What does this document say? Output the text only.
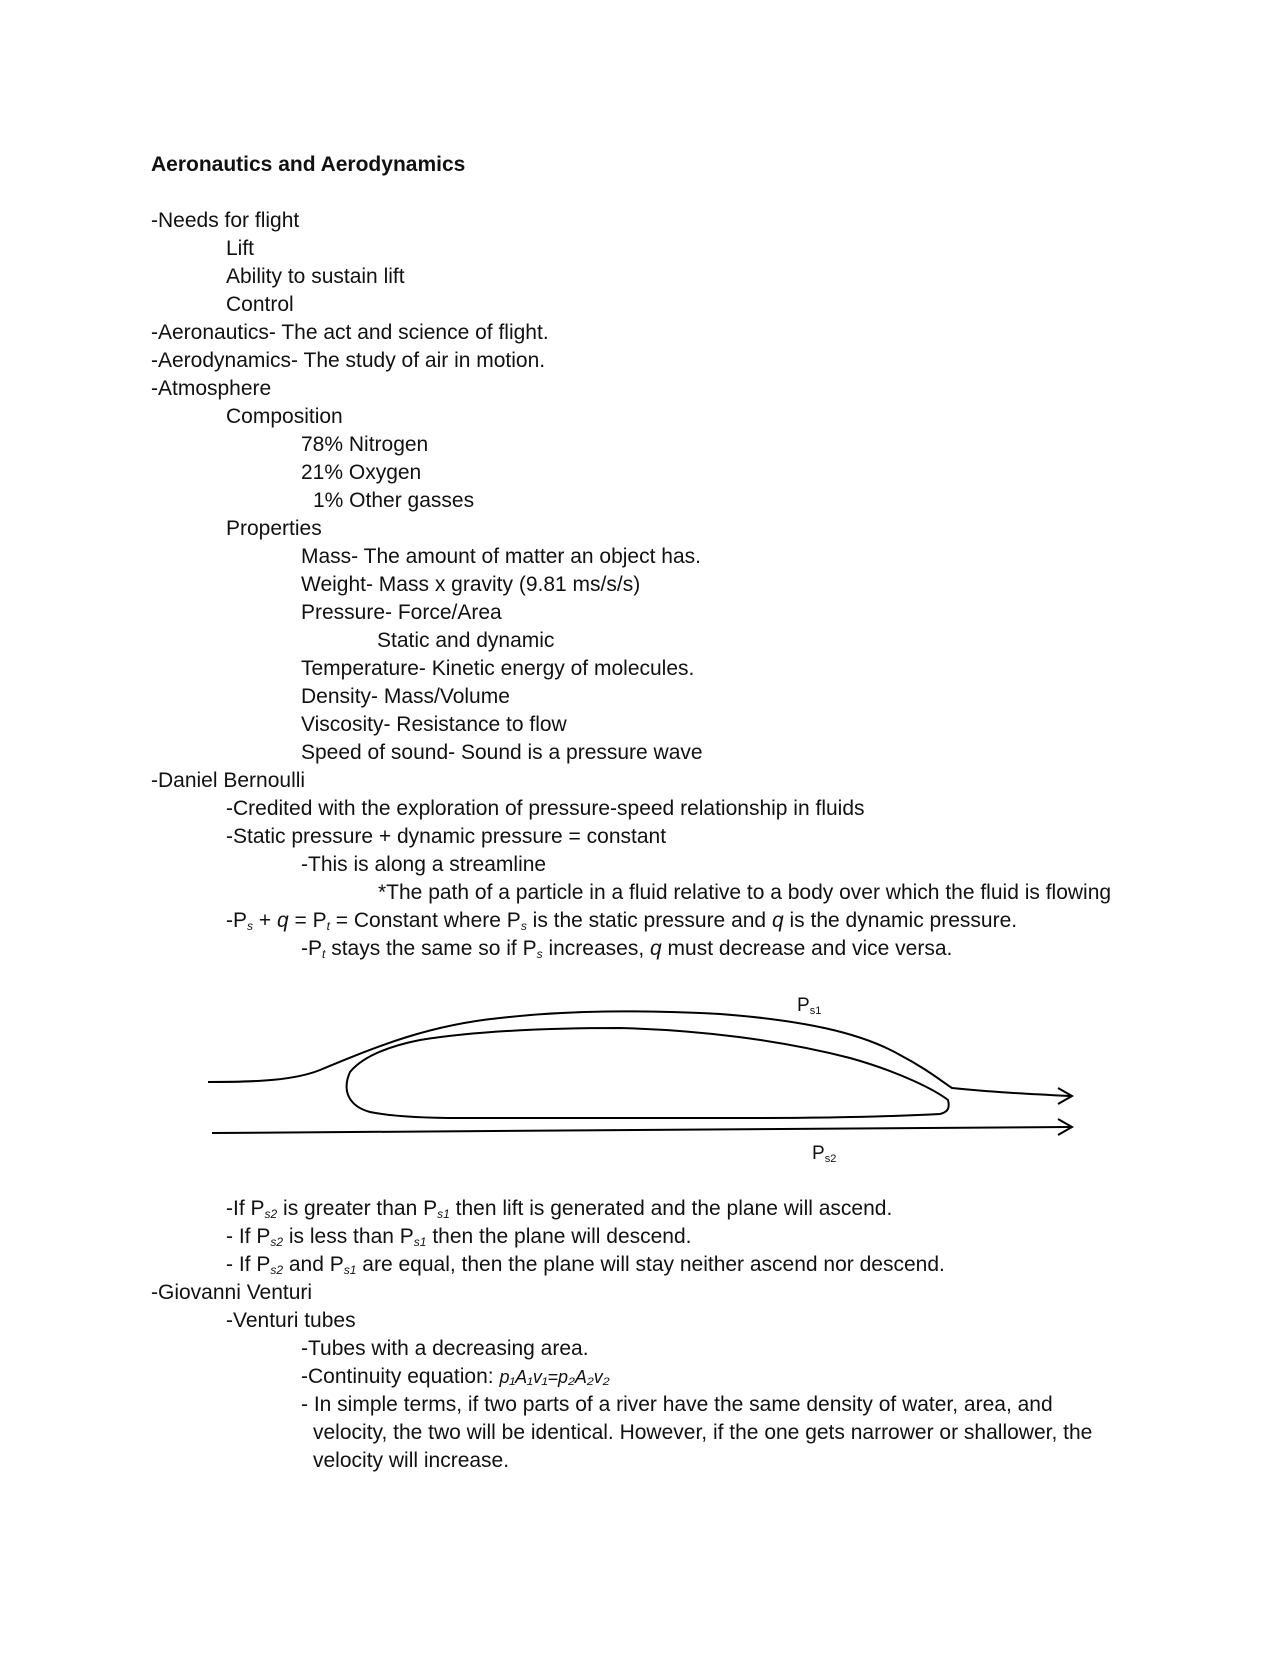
Aeronautics and Aerodynamics
-Needs for flight
Lift
Ability to sustain lift
Control
-Aeronautics- The act and science of flight.
-Aerodynamics- The study of air in motion.
-Atmosphere
Composition
78% Nitrogen
21% Oxygen
1% Other gasses
Properties
Mass- The amount of matter an object has.
Weight- Mass x gravity (9.81 ms/s/s)
Pressure- Force/Area
Static and dynamic
Temperature- Kinetic energy of molecules.
Density- Mass/Volume
Viscosity- Resistance to flow
Speed of sound- Sound is a pressure wave
-Daniel Bernoulli
-Credited with the exploration of pressure-speed relationship in fluids
-Static pressure + dynamic pressure = constant
-This is along a streamline
*The path of a particle in a fluid relative to a body over which the fluid is flowing
$-P_s + q = P_t$ = Constant where $P_s$ is the static pressure and q is the dynamic pressure.
$-P_t$ stays the same so if $P_s$ increases, q must decrease and vice versa.
$P_{s1}$
$P_{s2}$
-If $P_{s2}$ is greater than $P_{s1}$ then lift is generated and the plane will ascend.
- If $P_{s2}$ is less than $P_{s1}$ then the plane will descend.
- If $P_{s2}$ and $P_{s1}$ are equal, then the plane will stay neither ascend nor descend.
-Giovanni Venturi
-Venturi tubes
-Tubes with a decreasing area.
-Continuity equation: p₁A₁v₁=p₂A₂v₂
- In simple terms, if two parts of a river have the same density of water, area, and
velocity, the two will be identical. However, if the one gets narrower or shallower, the
velocity will increase.
